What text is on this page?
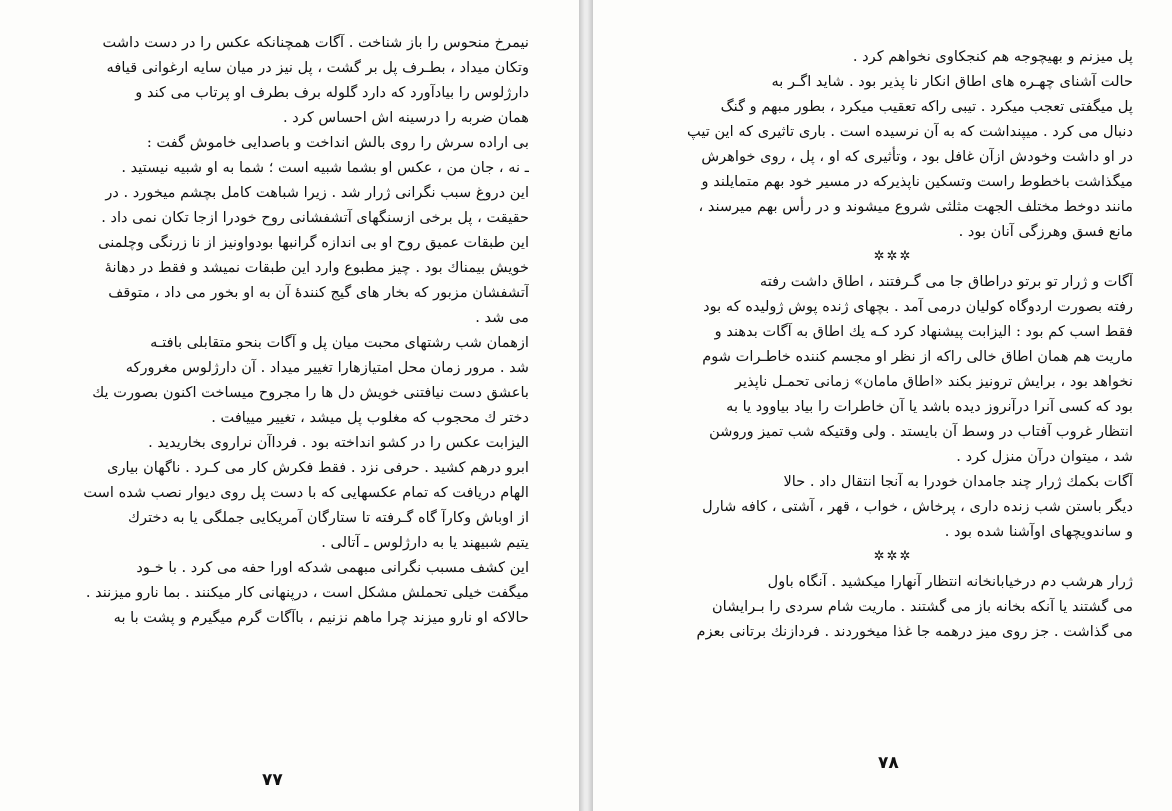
نیمرخ منحوس را باز شناخت . آگات همچنانکه عکس را در دست داشت
وتکان میداد ، بطـرف پل بر گشت ، پل نیز در میان سایه ارغوانی قیافه
دارژلوس را بیادآورد که دارد گلوله برف بطرف او پرتاب می کند و
همان ضربه را درسینه اش احساس کرد .
بی اراده سرش را روی بالش انداخت و باصدایی خاموش گفت :
ـ نه ، جان من ، عکس او بشما شبیه است ؛ شما به او شبیه نیستید .
این دروغ سبب نگرانی ژرار شد . زیرا شباهت کامل بچشم میخورد . در
حقیقت ، پل برخی ازسنگهای آتشفشانی روح خودرا ازجا تکان نمی داد .
این طبقات عمیق روح او بی اندازه گرانبها بودواونیز از نا زرنگی وچلمنی
خویش بیمناك بود . چیز مطبوع وارد این طبقات نمیشد و فقط در دهانهٔ
آتشفشان مزبور که بخار های گیج کنندهٔ آن به او بخور می داد ، متوقف
می شد .
ازهمان شب رشتهای محبت میان پل و آگات بنحو متقابلی بافتـه
شد . مرور زمان محل امتیازهارا تغییر میداد . آن دارژلوس مغرورکه
باعشق دست نیافتنی خویش دل ها را مجروح میساخت اکنون بصورت یك
دختر ك محجوب که مغلوب پل میشد ، تغییر مییافت .
الیزابت عکس را در کشو انداخته بود . فرداآن نراروی بخاریدید .
ابرو درهم کشید . حرفی نزد . فقط فکرش کار می کـرد . ناگهان بیاری
الهام دریافت که تمام عکسهایی که با دست پل روی دیوار نصب شده است
از اوباش وکارآ گاه گـرفته تا ستارگان آمریکایی جملگی یا به دخترك
یتیم شبیهند یا به دارژلوس ـ آتالی .
این کشف مسبب نگرانی مبهمی شدکه اورا حفه می کرد . با خـود
میگفت خیلی تحملش مشکل است ، درپنهانی کار میکنند . بما نارو میزنند .
حالاکه او نارو میزند چرا ماهم نزنیم ، باآگات گرم میگیرم و پشت با به
۷۷
پل میزنم و بهیچوجه هم کنجکاوی نخواهم کرد .
حالت آشنای چهـره های اطاق انکار نا پذیر بود . شاید اگـر به
پل میگفتی تعجب میکرد . تیبی راکه تعقیب میکرد ، بطور مبهم و گنگ
دنبال می کرد . میپنداشت که به آن نرسیده است . باری تاثیری که این تیپ
در او داشت وخودش ازآن غافل بود ، وتأثیری که او ، پل ، روی خواهرش
میگذاشت باخطوط راست وتسکین ناپذیرکه در مسیر خود بهم متمایلند و
مانند دوخط مختلف الجهت مثلثی شروع میشوند و در رأس بهم میرسند ،
مانع فسق وهرزگی آنان بود .
✲✲✲
آگات و ژرار تو برتو دراطاق جا می گـرفتند ، اطاق داشت رفته
رفته بصورت اردوگاه کولیان درمی آمد . بچهای ژنده پوش ژولیده که بود
فقط اسب کم بود : الیزابت پیشنهاد کرد کـه یك اطاق به آگات بدهند و
ماریت هم همان اطاق خالی راکه از نظر او مجسم کننده خاطـرات شوم
نخواهد بود ، برایش ترونیز بکند «اطاق مامان» زمانی تحمـل ناپذیر
بود که کسی آنرا درآنروز دیده باشد یا آن خاطرات را بیاد بیاوود یا به
انتظار غروب آفتاب در وسط آن بایستد . ولی وقتیکه شب تمیز وروشن
شد ، میتوان درآن منزل کرد .
آگات بکمك ژرار چند جامدان خودرا به آنجا انتقال داد . حالا
دیگر باستن شب زنده داری ، پرخاش ، خواب ، قهر ، آشتی ، کافه شارل
و ساندویچهای اوآشنا شده بود .
✲✲✲
ژرار هرشب دم درخیابانخانه انتظار آنهارا میکشید . آنگاه باول
می گشتند یا آنکه بخانه باز می گشتند . ماریت شام سردی را بـرایشان
می گذاشت . جز روی میز درهمه جا غذا میخوردند . فردازنك برتانی بعزم
۷۸
